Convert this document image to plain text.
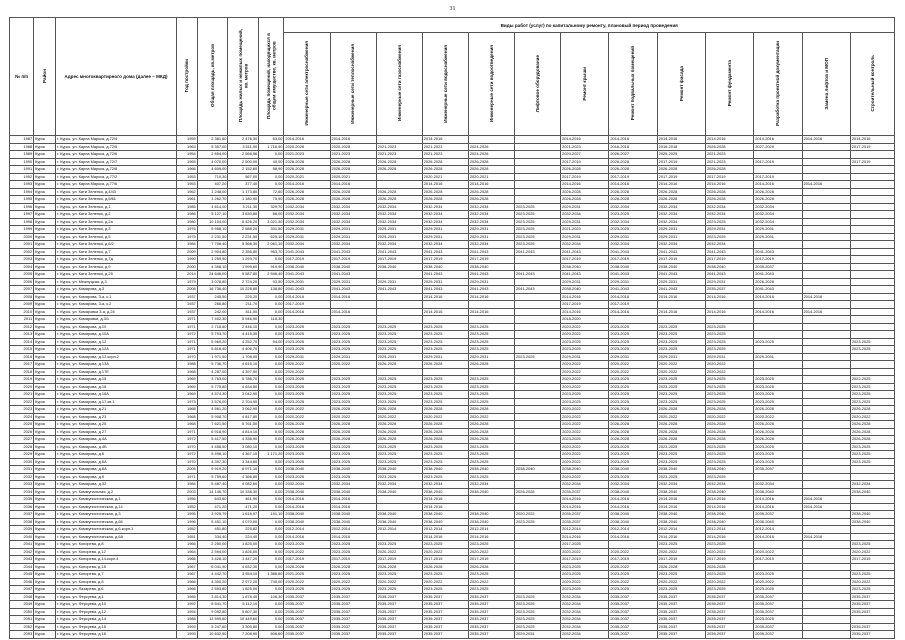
31
№ п/п	Район	Адрес многоквартирного дома (далее – МКД)	Год постройки	Общая площадь, кв.метров	Площадь жилых и нежилых помещений, кв. метров	Площадь помещений, находящихся в общем имуществе, кв. метров	Виды работ (услуг) по капитальному ремонту, плановый период проведения												
							Инженерные сети электроснабжения	Инженерные сети теплоснабжения	Инженерные сети газоснабжения	Инженерные сети водоснабжения	Инженерные сети водоотведения	Лифтовое оборудование	Ремонт крыши	Ремонт подвальных помещений	Ремонт фасада	Ремонт фундамента	Разработка проектной документации	Замена лифтов и МОП	Строительный контроль
1987	Курск	г. Курск, ул. Карла Маркса, д.72/4	1959	2 381,60	2 476,30	63,00	2014-2016	2014-2016		2014-2016			2014-2016	2014-2016	2014-2016	2014-2016	2014-2016	2014-2016	2014-2016
1988	Курск	г. Курск, ул. Карла Маркса, д.72/5	1963	5 357,00	3 511,90	1 718,90	2020-2028	2020-2028	2021-2023	2021-2023	2024-2026		2021-2023	2016-2018	2016-2018	2026-2028	2027-2029		2017-2019
1989	Курск	г. Курск, ул. Карла Маркса, д.72/6	1954	2 854,00	2 566,56	0,00	2021-2023	2021-2023	2021-2023	2021-2023	2024-2026		2020-2027	2026-2027	2025-2025	2021-2023			
1990	Курск	г. Курск, ул. Карла Маркса, д.72/7	1965	4 070,00	2 500,00	40,00	2026-2028	2026-2028	2026-2028	2026-2028	2026-2028		2017-2019	2026-2028	2017-2019	2021-2023	2017-2019		2017-2019
1991	Курск	г. Курск, ул. Карла Маркса, д.72/8	1966	4 609,00	2 152,60	58,90	2026-2028	2026-2028	2026-2028	2026-2028	2026-2028		2026-2028	2026-2028	2026-2028	2026-2028			
1992	Курск	г. Курск, ул. Карла Маркса, д.77/2	1953	710,30	567,00	0,00	2020-2021	2020-2021		2020-2021	2020-2021		2017-2019	2017-2019	2017-2019	2017-2019	2017-2019		
1993	Курск	г. Курск, ул. Карла Маркса, д.77/6	1953	407,20	377,40	0,00	2014-2016	2014-2016		2014-2016	2014-2016		2014-2016	2014-2016	2014-2016	2014-2016	2014-2016	2014-2016	
1994	Курск	г. Курск, ул. Кати Зеленко, д.4/43	1962	1 248,00	1 173,80	72,60	2026-2028	2026-2028	2026-2028	2026-2028	2026-2028		2026-2028	2026-2028	2026-2028	2026-2028	2026-2028		
1995	Курск	г. Курск, ул. Кати Зеленко, д.5/61	1961	1 262,70	1 180,90	75,90	2026-2028	2026-2028	2026-2028	2026-2028	2026-2028		2026-2028	2026-2028	2026-2028	2026-2028	2026-2028		
1996	Курск	г. Курск, ул. Кати Зеленко, д.1	1985	4 614,00	3 211,30	329,70	2032-2034	2032-2034	2032-2034	2032-2034	2032-2034	2023-2025	2029-2031	2032-2034	2032-2034	2032-2034	2032-2034		
1997	Курск	г. Курск, ул. Кати Зеленко, д.2	1986	5 127,10	3 630,80	86,00	2032-2034	2032-2034	2032-2034	2032-2034	2032-2034	2023-2025	2032-2034	2023-2025	2032-2034	2032-2034	2032-2034		
1998	Курск	г. Курск, ул. Кати Зеленко, д.2а	1980	10 104,00	6 426,20	3 021,30	2032-2034	2032-2034	2032-2034	2032-2034	2032-2034	2023-2025	2029-2031	2032-2034	2032-2034	2023-2025	2032-2034		
1999	Курск	г. Курск, ул. Кати Зеленко, д.3	1976	5 958,10	2 588,20	331,50	2029-2031	2029-2031	2029-2031	2029-2031	2029-2031	2023-2025	2021-2023	2023-2025	2029-2031	2029-2031	2029-2031		
2000	Курск	г. Курск, ул. Кати Зеленко, д.5	1979	2 231,50	2 231,50	625,10	2029-2031	2029-2031	2029-2031	2029-2031	2029-2031	2023-2025	2029-2031	2029-2031	2029-2031	2023-2025	2029-2031		
2001	Курск	г. Курск, ул. Кати Зеленко, д.6/2	1984	7 708,40	5 368,30	2 061,10	2032-2034	2032-2034	2032-2034	2032-2034	2032-2034	2023-2025	2032-2034	2032-2034	2032-2034	2032-2034			
2002	Курск	г. Курск, ул. Кати Зеленко, д.7	2009	2 904,80	2 356,80	953,70	2041-2043	2041-2043	2041-2043	2041-2043	2041-2043	2041-2043	2041-2043	2041-2043	2041-2043	2041-2043	2041-2043		
2003	Курск	г. Курск, ул. Кати Зеленко, д.7д	1990	1 259,90	1 293,70	0,00	2017-2019	2017-2019	2017-2019	2017-2019	2017-2019		2017-2019	2017-2019	2017-2019	2017-2019	2017-2019		
2004	Курск	г. Курск, ул. Кати Зеленко, д.9	2000	4 398,10	1 999,60	919,90	2038-2040	2038-2040	2038-2040	2038-2040	2038-2040		2038-2040	2038-2040	2038-2040	2038-2040	2035-2037		
2005	Курск	г. Курск, ул. Кати Зеленко, д.25	2014	24 646,00	5 587,80	2 546,40	2041-2043	2041-2043		2041-2043	2041-2043	2041-2043	2041-2043	2041-2043	2041-2043	2041-2043	2041-2043		
2006	Курск	г. Курск, ул. Межпуцкая, д.3	1979	3 078,80	2 724,20	93,50	2029-2031	2029-2031	2029-2031	2029-2031	2029-2031		2029-2031	2029-2031	2029-2031	2029-2031	2026-2028		
2007	Курск	г. Курск, ул. Комарова, д.3	2008	16 736,40	10 228,80	138,80	2041-2043	2041-2043	2041-2043	2041-2043	2041-2043	2041-2043	2038-2040	2041-2043	2041-2043	2035-2037	2041-2043		
2008	Курск	г. Курск, ул. Комарова, 3-а, к.1	1937	245,50	225,20	0,00	2014-2016	2014-2016		2014-2016	2014-2016		2014-2016	2014-2016	2014-2016	2014-2016	2014-2016	2014-2016	
2009	Курск	г. Курск, ул. Комарова, 3-а, к.2	1937	266,80	211,70	0,00	2017-2019						2017-2019	2017-2019					
2010	Курск	г. Курск, ул. Комаровки 3-а, д.24	1937	242,00	811,00	0,00	2014-2016	2014-2016		2014-2016	2014-2016		2014-2016	2014-2016	2014-2016	2014-2016	2014-2016	2014-2016	
2011	Курск	г. Курск, ул. Комаровки, д.3/1	1971	7 402,30	5 946,90	118,30							2018-2020						
2012	Курск	г. Курск, ул. Комарова, д.10	1971	2 718,60	2 446,10	0,00	2023-2025	2023-2025	2023-2025	2023-2025	2023-2025		2020-2022	2023-2025	2023-2025	2023-2025			
2013	Курск	г. Курск, ул. Комарова, д.10А	1972	5 793,70	4 415,30	0,00	2023-2025	2023-2025	2023-2025	2023-2025	2023-2025		2020-2022	2023-2025	2023-2025	2023-2025			
2014	Курск	г. Курск, ул. Комарова, д.12	1971	5 960,20	4 252,70	94,00	2023-2025	2023-2025	2023-2025	2023-2025	2023-2025		2023-2025	2023-2025	2023-2025	2023-2025	2023-2025		2023-2025
2015	Курск	г. Курск, ул. Комарова, д.12А	1971	5 818,40	4 406,70	0,00	2023-2025	2023-2025	2023-2025	2023-2025	2023-2025		2023-2025	2023-2025	2023-2025	2023-2025			2023-2025
2016	Курск	г. Курск, ул. Комарова, д.12-корп.2	1970	1 971,50	1 708,00	0,00	2029-2031	2029-2031	2029-2031	2029-2031	2029-2031	2023-2025	2029-2031	2029-2031	2029-2031	2029-2031	2029-2031		
2017	Курск	г. Курск, ул. Комарова, д.13А	1988	5 736,70	4 615,10	0,00	2020-2022	2020-2022	2026-2028	2026-2028	2026-2028		2020-2022	2020-2022	2020-2022	2020-2022			
2018	Курск	г. Курск, ул. Комарова, д.17Е	1968	4 287,00	4 397,90	0,00	2020-2022						2020-2022	2020-2022	2020-2022	2020-2022			
2019	Курск	г. Курск, ул. Комарова, д.15	1969	3 763,00	5 786,70	0,00	2023-2025	2023-2025	2023-2025	2023-2025	2023-2025		2020-2022	2023-2025	2023-2025	2023-2025	2023-2025		2022-2025
2020	Курск	г. Курск, ул. Комарова, д.16	1969	5 775,80	4 634,50	0,00	2023-2025	2023-2025	2023-2025	2023-2025	2023-2025		2020-2022	2023-2025	2023-2025	2023-2025	2023-2025		2023-2025
2021	Курск	г. Курск, ул. Комарова, д.16А	1969	4 574,30	3 042,90	0,00	2023-2025	2023-2025	2023-2025	2023-2025	2023-2025		2023-2025	2023-2025	2023-2025	2023-2025	2023-2025		2023-2025
2022	Курск	г. Курск, ул. Комарова, д.17-кв.1	1973	3 576,00	2 704,90	0,00	2023-2025	2023-2025	2023-2025	2023-2025	2023-2025		2023-2025	2023-2025	2023-2025	2023-2025	2023-2025		2023-2025
2023	Курск	г. Курск, ул. Комарова, д.21	1968	4 561,20	3 062,90	0,00	2020-2022	2026-2028	2026-2028	2026-2028	2026-2028		2020-2022	2026-2028	2026-2028	2026-2028	2026-2028		2026-2028
2024	Курск	г. Курск, ул. Комарова, д.23	1968	5 908,70	4 817,80	0,00	2020-2022	2020-2022	2020-2022	2020-2022	2020-2022		2020-2022	2020-2022	2020-2022	2020-2022	2020-2022		2020-2022
2025	Курск	г. Курск, ул. Комарова, д.25	1968	7 621,50	5 761,50	0,00	2026-2028	2026-2028	2026-2028	2026-2028	2026-2028		2020-2022	2026-2028	2026-2028	2026-2028	2026-2028		2026-2028
2026	Курск	г. Курск, ул. Комарова, д.27	1971	6 918,90	4 814,10	0,00	2026-2028	2026-2028	2026-2028	2026-2028	2026-2028		2020-2022	2026-2028	2026-2028	2026-2028	2026-2028		2026-2028
2027	Курск	г. Курск, ул. Комарова, д.4А	1972	5 417,50	4 336,90	0,00	2026-2028	2026-2028	2026-2028	2026-2028	2026-2028		2023-2025	2026-2028	2026-2028	2026-2028	2026-2028		2026-2028
2028	Курск	г. Курск, ул. Комарова, д.4Б	1970	4 458,50	3 080,10	0,00	2023-2025	2023-2025	2023-2025	2023-2025	2023-2025		2020-2022	2023-2025	2023-2025	2023-2025	2023-2025		2023-2025
2029	Курск	г. Курск, ул. Комарова, д.6	1972	5 496,10	4 367,10	1 171,20	2023-2025	2023-2025	2023-2025	2023-2025	2023-2025		2020-2022	2023-2025	2023-2025	2023-2025	2023-2025		2023-2025
2030	Курск	г. Курск, ул. Комарова, д.6А	1970	4 397,30	3 344,60	0,00	2023-2025	2023-2025	2023-2025	2023-2025	2023-2025		2020-2022	2023-2025	2023-2025	2023-2025	2023-2025		2023-2025
2031	Курск	г. Курск, ул. Комарова, д.8А	2005	9 919,20	8 971,10	0,00	2038-2040	2038-2040	2038-2040	2038-2040	2038-2040	2038-2040	2038-2040	2038-2040	2038-2040	2038-2040	2035-2037		
2032	Курск	г. Курск, ул. Комарова, д.9	1971	5 759,60	4 366,80	0,00	2023-2025	2023-2025	2023-2025	2023-2025	2023-2025		2020-2022	2023-2025	2023-2025	2023-2025			
2033	Курск	г. Курск, ул. Комарова, д.32	1984	5 487,40	4 082,60	0,00	2032-2034	2032-2034	2032-2034	2032-2034	2032-2034		2032-2034	2032-2034	2032-2034	2032-2034	2032-2034		2032-2034
2034	Курск	г. Курск, ул. Коммунальная, д.2	2003	14 146,70	10 338,30	0,00	2038-2040	2038-2040	2038-2040	2038-2040	2038-2040	2026-2028	2035-2037	2038-2040	2038-2040	2038-2040	2038-2040		2038-2040
2035	Курск	г. Курск, ул. Коммунистическая, д.1	1956	643,60	461,90	0,00	2014-2016	2014-2016		2014-2016			2014-2016	2014-2016	2014-2016	2014-2016	2014-2016	2014-2016	
2036	Курск	г. Курск, ул. Коммунистическая, д.14	1952	471,20	471,20	0,00	2014-2016	2014-2016		2014-2016			2014-2016	2014-2016	2014-2016	2014-2016	2014-2016	2014-2016	
2037	Курск	г. Курск, ул. Коммунистическая, д.3	1995	3 925,79	1 618,97	191,10	2038-2040	2038-2040	2038-2040	2038-2040	2038-2040	2020-2022	2035-2037	2038-2040	2038-2040	2038-2040	2035-2037		2038-2040
2038	Курск	г. Курск, ул. Коммунистическая, д.66	1996	5 451,10	4 070,00	0,00	2038-2040	2038-2040	2038-2040	2038-2040	2038-2040	2023-2025	2035-2037	2038-2040	2038-2040	2038-2040	2038-2040		2038-2040
2039	Курск	г. Курск, ул. Коммунистическая, д.6-корп.1	1952	451,80	225,82	0,00	2012-2014	2012-2014	2012-2014	2012-2014	2012-2014		2012-2014	2012-2014	2012-2014	2012-2014	2012-2014		
2040	Курск	г. Курск, ул. Коммунистическая, д.6А	1951	334,40	224,40	0,00	2014-2016	2014-2016		2014-2016	2014-2016		2014-2016	2014-2016	2014-2016	2014-2016	2014-2016	2014-2016	
2041	Курск	г. Курск, ул. Конорева, д.8	1966	2 250,00	1 825,00	0,00	2023-2025	2023-2025	2023-2025	2023-2025	2023-2025		2017-2025		2023-2025	2023-2025			2023-2025
2042	Курск	г. Курск, ул. Конорева, д.12	1964	2 594,00	1 826,00	0,00	2020-2022	2023-2025	2020-2022	2020-2022	2020-2022		2020-2022	2020-2022	2020-2022	2020-2022	2020-2022		2020-2022
2043	Курск	г. Курск, ул. Конорева, д.14-корп.4	1966	3 428,10	1 447,20	0,00	2017-2019	2017-2019	2017-2019	2017-2019	2017-2019		2017-2019	2017-2019	2017-2019	2017-2019	2017-2019		2017-2019
2044	Курск	г. Курск, ул. Конорева, д.18	1967	6 041,90	4 632,30	0,00	2026-2028	2026-2028	2026-2028	2026-2028	2026-2028		2023-2025	2020-2022	2026-2028	2026-2028			
2045	Курск	г. Курск, ул. Конорева, д.7	1967	4 442,70	3 954,10	1 386,60	2021-2025	2023-2025	2023-2025	2023-2025	2023-2025		2023-2025	2023-2025	2023-2025	2023-2025	2023-2025		2023-2025
2046	Курск	г. Курск, ул. Конорева, д.8	1966	4 300,20	2 972,20	740,00	2020-2022	2020-2022	2020-2022	2020-2022	2020-2022		2020-2022	2020-2022	2020-2022	2020-2022	2020-2022		2020-2022
2047	Курск	г. Курск, ул. Лазарева, д.6	1966	2 593,80	1 825,00	0,00	2023-2025	2023-2025	2023-2025	2023-2025	2023-2025		2023-2025	2023-2025	2023-2025	2023-2025	2023-2025		2023-2025
2048	Курск	г. Курск, ул. Ферсуева, д.1	1989	3 814,30	1 878,40	106,30	2035-2037	2035-2037	2035-2037	2035-2037	2035-2037	2023-2025	2032-2034	2035-2037	2035-2037	2035-2037	2035-2037		2035-2037
2049	Курск	г. Курск, ул. Ферсуева, д.10	1992	8 541,70	5 112,10	0,00	2035-2037	2035-2037	2035-2037	2035-2037	2035-2037	2023-2025	2032-2034	2035-2037	2035-2037	2035-2037	2035-2037		2035-2037
2050	Курск	г. Курск, ул. Ферсуева, д.12	1994	9 092,80	5 807,30	0,00	2035-2037	2035-2037	2035-2037	2035-2037	2035-2037	2023-2025	2032-2034	2035-2037	2035-2037	2035-2037	2035-2037		2035-2037
2051	Курск	г. Курск, ул. Ферсуева, д.14	1988	12 599,60	10 449,60	0,00	2035-2037	2035-2037	2035-2037	2035-2037	2035-2037	2023-2025	2032-2034	2035-2037	2035-2037	2035-2037	2023-2025		
2052	Курск	г. Курск, ул. Ферсуева, д.15	1993	5 247,60	3 305,80	0,00	2035-2037	2035-2037	2035-2037	2035-2037	2035-2037	2023-2025	2032-2034	2035-2037	2035-2037	2035-2037	2035-2037		2035-2037
2053	Курск	г. Курск, ул. Ферсуева, д.16	1993	10 632,50	7 208,90	606,60	2035-2037	2035-2037	2035-2037	2035-2037	2035-2037	2029-2031	2032-2034	2035-2037	2035-2037	2035-2037	2035-2037		2035-2037
